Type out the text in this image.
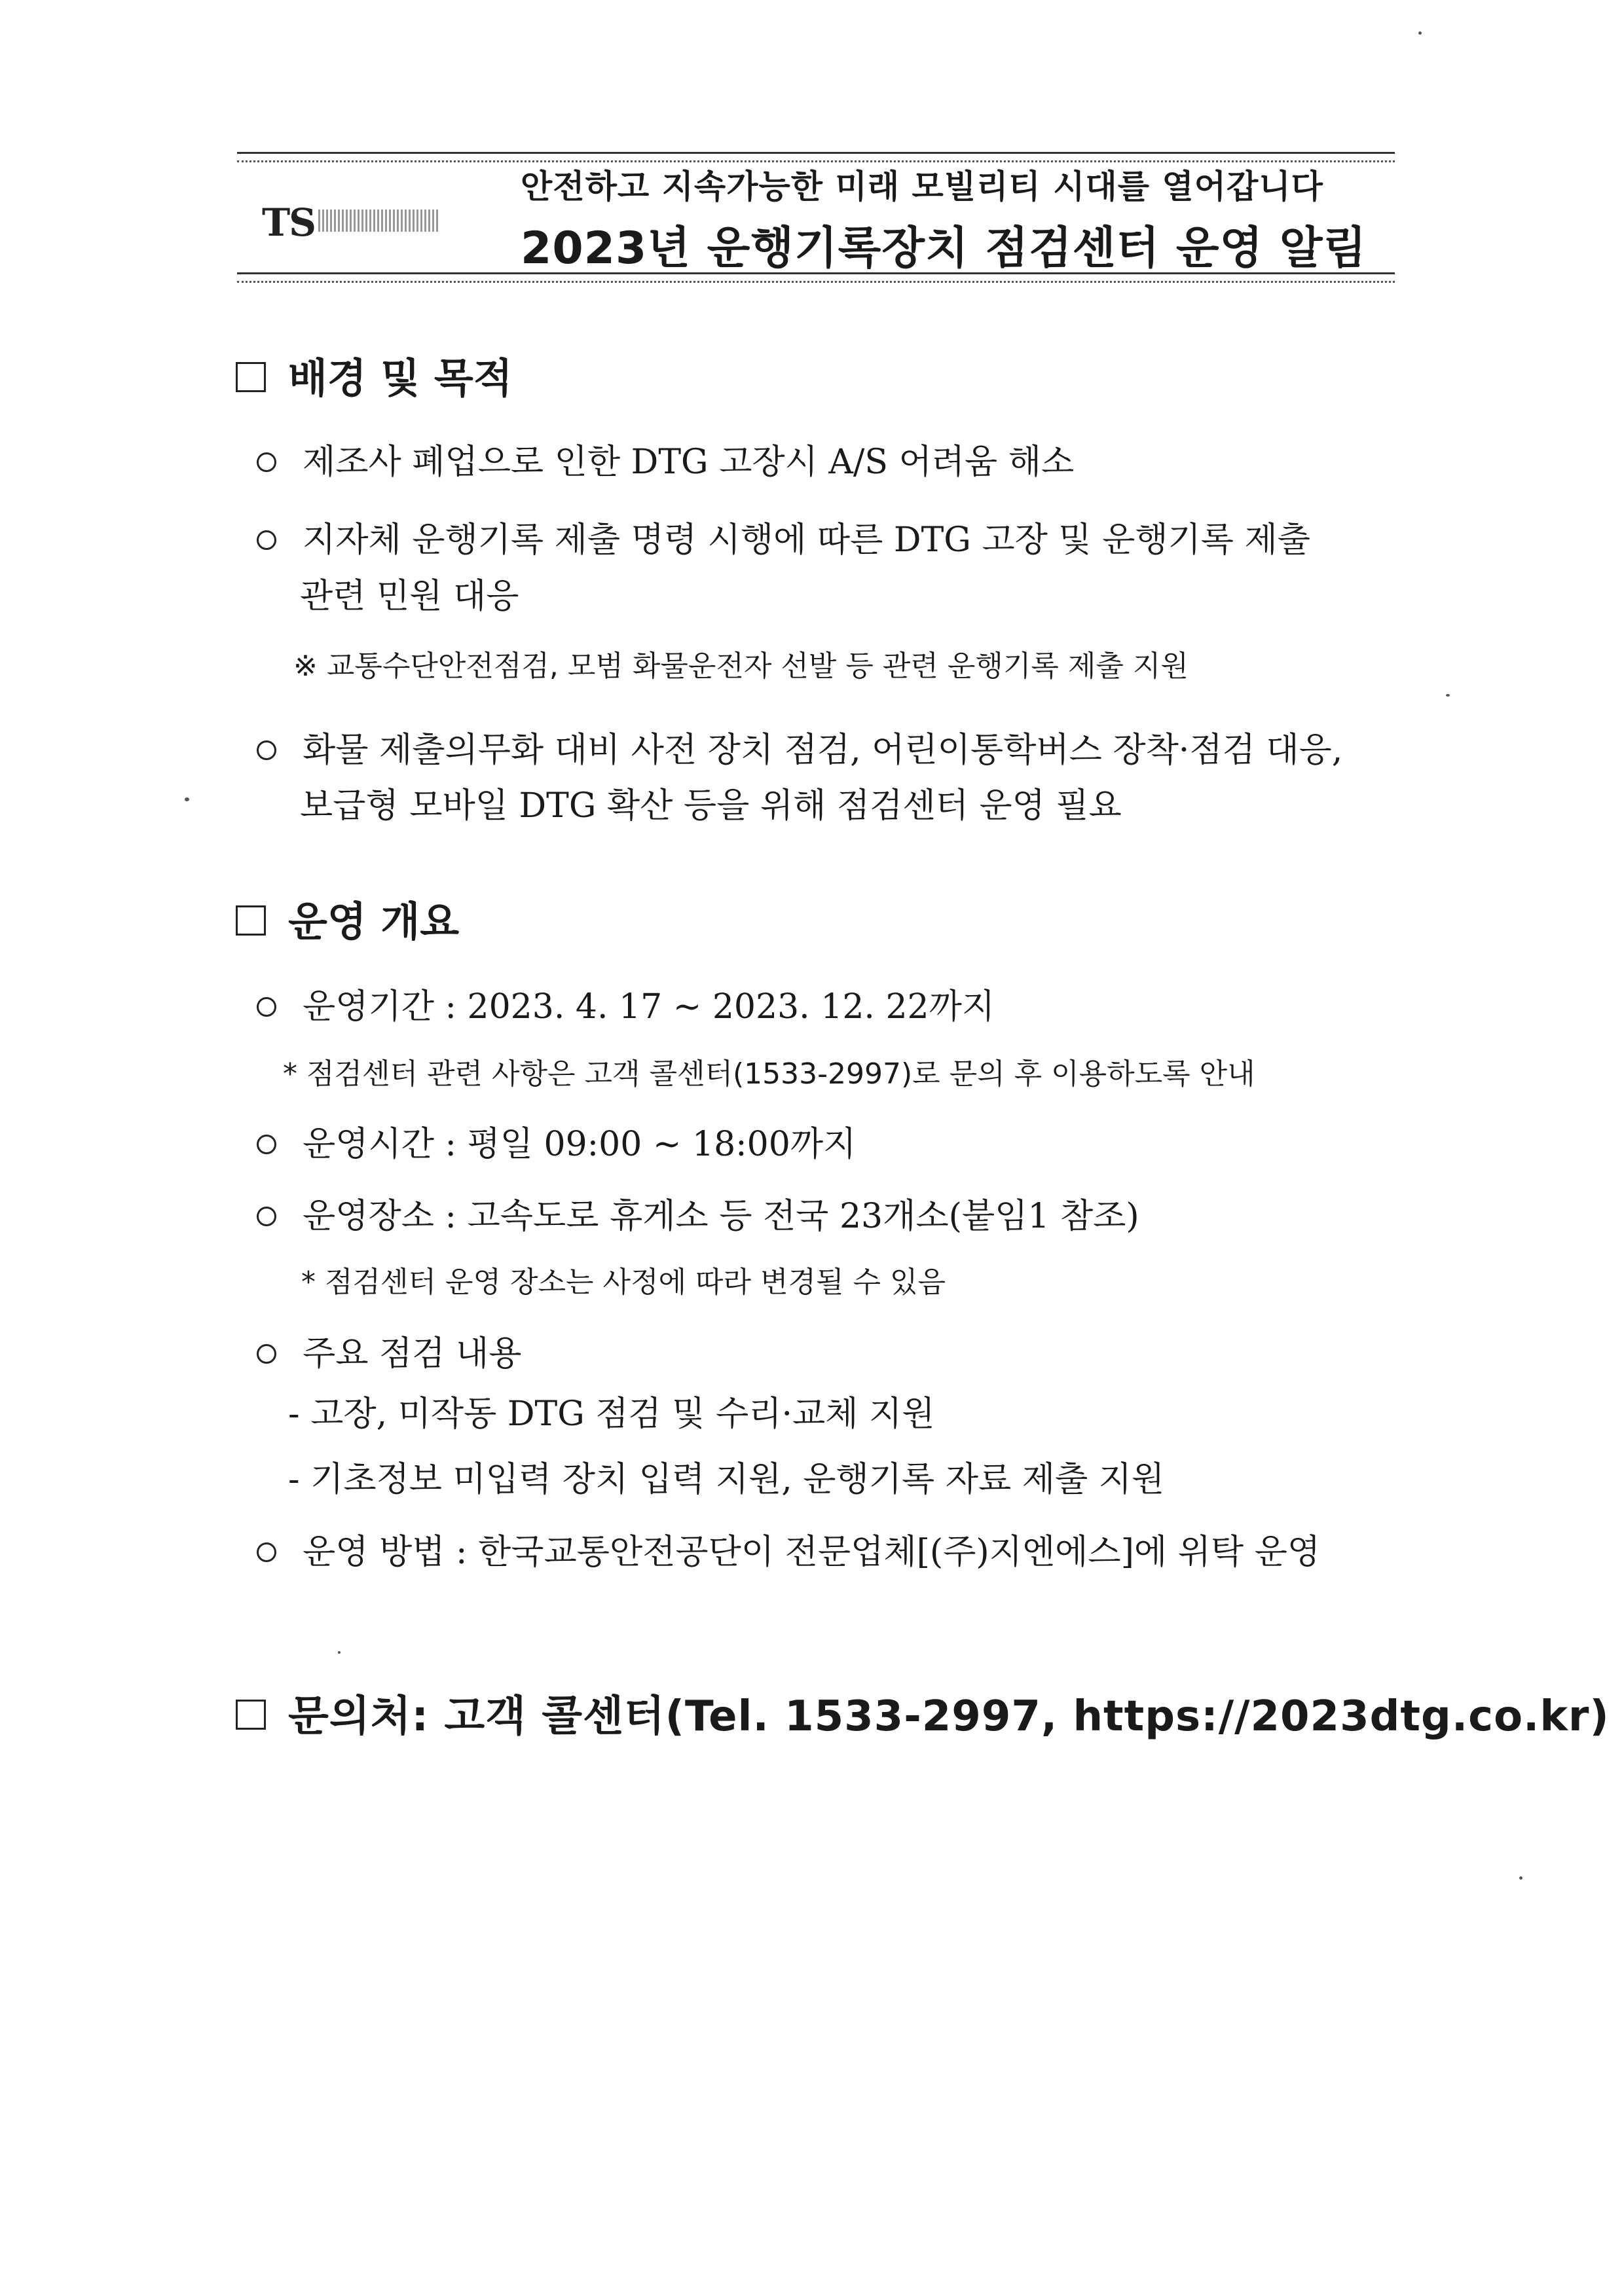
TS
안전하고 지속가능한 미래 모빌리티 시대를 열어갑니다
2023년 운행기록장치 점검센터 운영 알림
배경 및 목적
제조사 폐업으로 인한 DTG 고장시 A/S 어려움 해소
지자체 운행기록 제출 명령 시행에 따른 DTG 고장 및 운행기록 제출
관련 민원 대응
※ 교통수단안전점검, 모범 화물운전자 선발 등 관련 운행기록 제출 지원
화물 제출의무화 대비 사전 장치 점검, 어린이통학버스 장착·점검 대응,
보급형 모바일 DTG 확산 등을 위해 점검센터 운영 필요
운영 개요
운영기간 : 2023. 4. 17 ~ 2023. 12. 22까지
* 점검센터 관련 사항은 고객 콜센터(1533-2997)로 문의 후 이용하도록 안내
운영시간 : 평일 09:00 ~ 18:00까지
운영장소 : 고속도로 휴게소 등 전국 23개소(붙임1 참조)
* 점검센터 운영 장소는 사정에 따라 변경될 수 있음
주요 점검 내용
- 고장, 미작동 DTG 점검 및 수리·교체 지원
- 기초정보 미입력 장치 입력 지원, 운행기록 자료 제출 지원
운영 방법 : 한국교통안전공단이 전문업체[(주)지엔에스]에 위탁 운영
문의처: 고객 콜센터(Tel. 1533-2997, https://2023dtg.co.kr)
